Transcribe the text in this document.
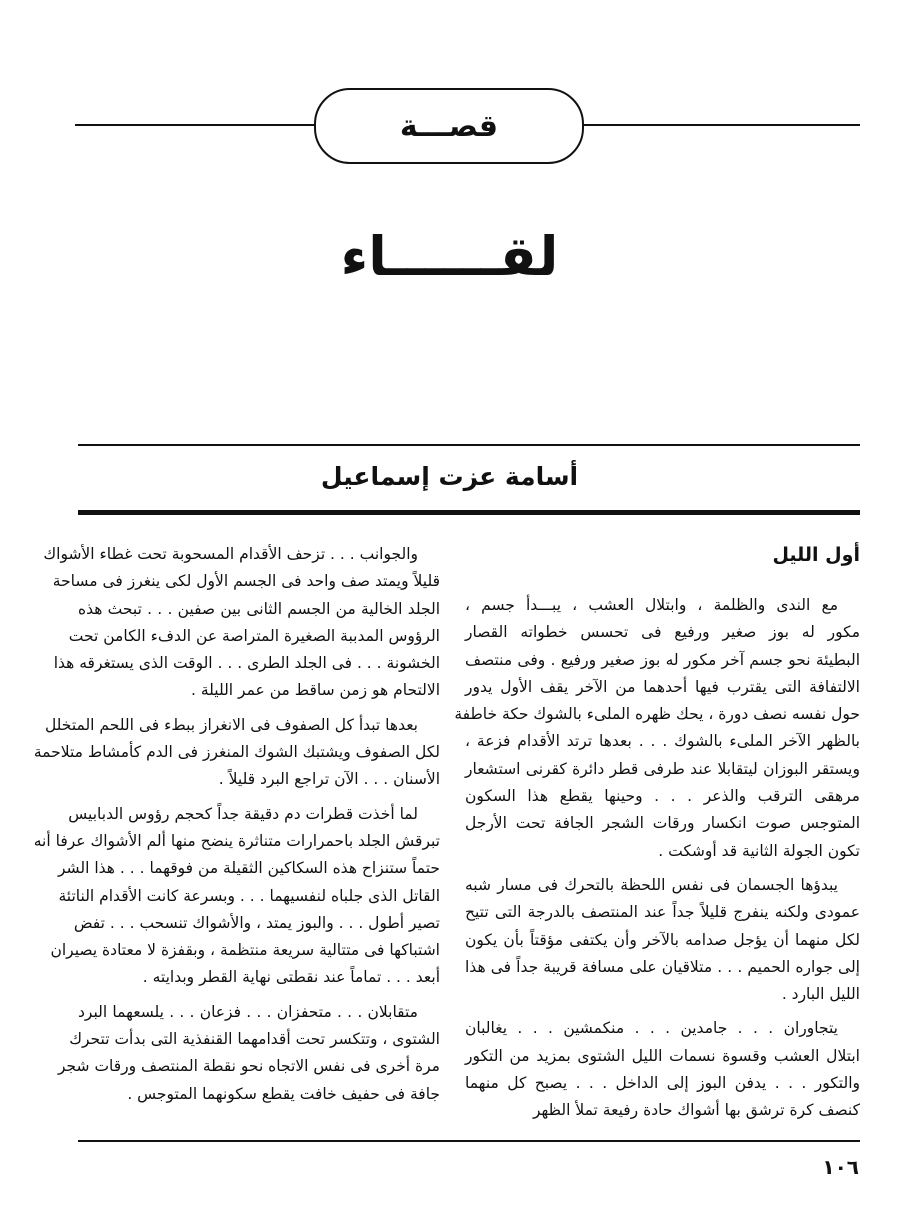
قصـــة
لقــــــاء
أسامة عزت إسماعيل
أول الليل
مع الندى والظلمة ، وابتلال العشب ، يبـــدأ جسم ،
مكور له بوز صغير ورفيع فى تحسس خطواته القصار
البطيئة نحو جسم آخر مكور له بوز صغير ورفيع . وفى منتصف
الالتفافة التى يقترب فيها أحدهما من الآخر يقف الأول يدور
حول نفسه نصف دورة ، يحك ظهره الملىء بالشوك حكة خاطفة
بالظهر الآخر الملىء بالشوك . . . بعدها ترتد الأقدام فزعة ،
ويستقر البوزان ليتقابلا عند طرفى قطر دائرة كقرنى استشعار
مرهقى الترقب والذعر . . . وحينها يقطع هذا السكون
المتوجس صوت انكسار ورقات الشجر الجافة تحت الأرجل
تكون الجولة الثانية قد أوشكت .
يبدؤها الجسمان فى نفس اللحظة بالتحرك فى مسار شبه
عمودى ولكنه ينفرج قليلاً جداً عند المنتصف بالدرجة التى تتيح
لكل منهما أن يؤجل صدامه بالآخر وأن يكتفى مؤقتاً بأن يكون
إلى جواره الحميم . . . متلاقيان على مسافة قريبة جداً فى هذا
الليل البارد .
يتجاوران . . . جامدين . . . منكمشين . . . يغالبان
ابتلال العشب وقسوة نسمات الليل الشتوى بمزيد من التكور
والتكور . . . يدفن البوز إلى الداخل . . . يصبح كل منهما
كنصف كرة ترشق بها أشواك حادة رفيعة تملأ الظهر
والجوانب . . . تزحف الأقدام المسحوبة تحت غطاء الأشواك
قليلاً ويمتد صف واحد فى الجسم الأول لكى ينغرز فى مساحة
الجلد الخالية من الجسم الثانى بين صفين . . . تبحث هذه
الرؤوس المدببة الصغيرة المتراصة عن الدفء الكامن تحت
الخشونة . . . فى الجلد الطرى . . . الوقت الذى يستغرقه هذا
الالتحام هو زمن ساقط من عمر الليلة .
بعدها تبدأ كل الصفوف فى الانغراز ببطء فى اللحم المتخلل
لكل الصفوف ويشتبك الشوك المنغرز فى الدم كأمشاط متلاحمة
الأسنان . . . الآن تراجع البرد قليلاً .
لما أخذت قطرات دم دقيقة جداً كحجم رؤوس الدبابيس
تبرقش الجلد باحمرارات متناثرة ينضح منها ألم الأشواك عرفا أنه
حتماً ستنزاح هذه السكاكين الثقيلة من فوقهما . . . هذا الشر
القاتل الذى جلباه لنفسيهما . . . وبسرعة كانت الأقدام الناتئة
تصير أطول . . . والبوز يمتد ، والأشواك تنسحب . . . تفض
اشتباكها فى متتالية سريعة منتظمة ، وبقفزة لا معتادة يصيران
أبعد . . . تماماً عند نقطتى نهاية القطر وبدايته .
متقابلان . . . متحفزان . . . فزعان . . . يلسعهما البرد
الشتوى ، وتتكسر تحت أقدامهما القنفذية التى بدأت تتحرك
مرة أخرى فى نفس الاتجاه نحو نقطة المنتصف ورقات شجر
جافة فى حفيف خافت يقطع سكونهما المتوجس .
١٠٦
